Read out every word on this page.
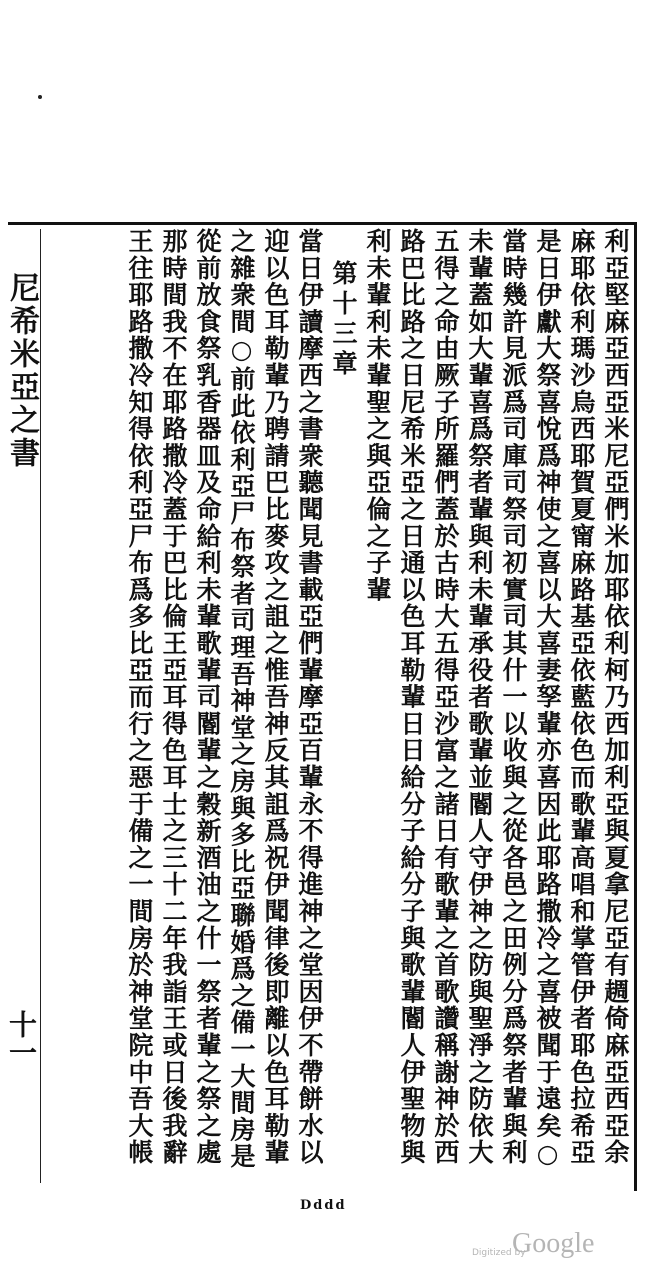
尼希米亞之書
十一	利亞堅麻亞西亞米尼亞們米加耶依利柯乃西加利亞與夏拿尼亞有䞴倚麻亞西亞余
麻耶依利瑪沙烏西耶賀夏甯麻路基亞依藍依色而歌輩高唱和掌管伊者耶色拉希亞
是日伊獻大祭喜悅爲神使之喜以大喜妻孥輩亦喜因此耶路撒冷之喜被聞于遠矣○
當時幾許見派爲司庫司祭司初實司其什一以收與之從各邑之田例分爲祭者輩與利
未輩蓋如大輩喜爲祭者輩與利未輩承役者歌輩並閽人守伊神之防與聖淨之防依大
五得之命由厥子所羅們蓋於古時大五得亞沙富之諸日有歌輩之首歌讚稱謝神於西
路巴比路之日尼希米亞之日通以色耳勒輩日日給分子給分子與歌輩閽人伊聖物與
利未輩利未輩聖之與亞倫之子輩
第十三章
當日伊讀摩西之書衆聽聞見書載亞們輩摩亞百輩永不得進神之堂因伊不帶餅水以
迎以色耳勒輩乃聘請巴比麥攻之詛之惟吾神反其詛爲祝伊聞律後即離以色耳勒輩
之雜衆間○前此依利亞尸布祭者司理吾神堂之房與多比亞聯婚爲之備一大間房是
從前放食祭乳香器皿及命給利未輩歌輩司閽輩之穀新酒油之什一祭者輩之祭之處
那時間我不在耶路撒冷蓋于巴比倫王亞耳得色耳士之三十二年我詣王或日後我辭
王往耶路撒冷知得依利亞尸布爲多比亞而行之惡于備之一間房於神堂院中吾大帳
Dddd
Digitized by
Google
